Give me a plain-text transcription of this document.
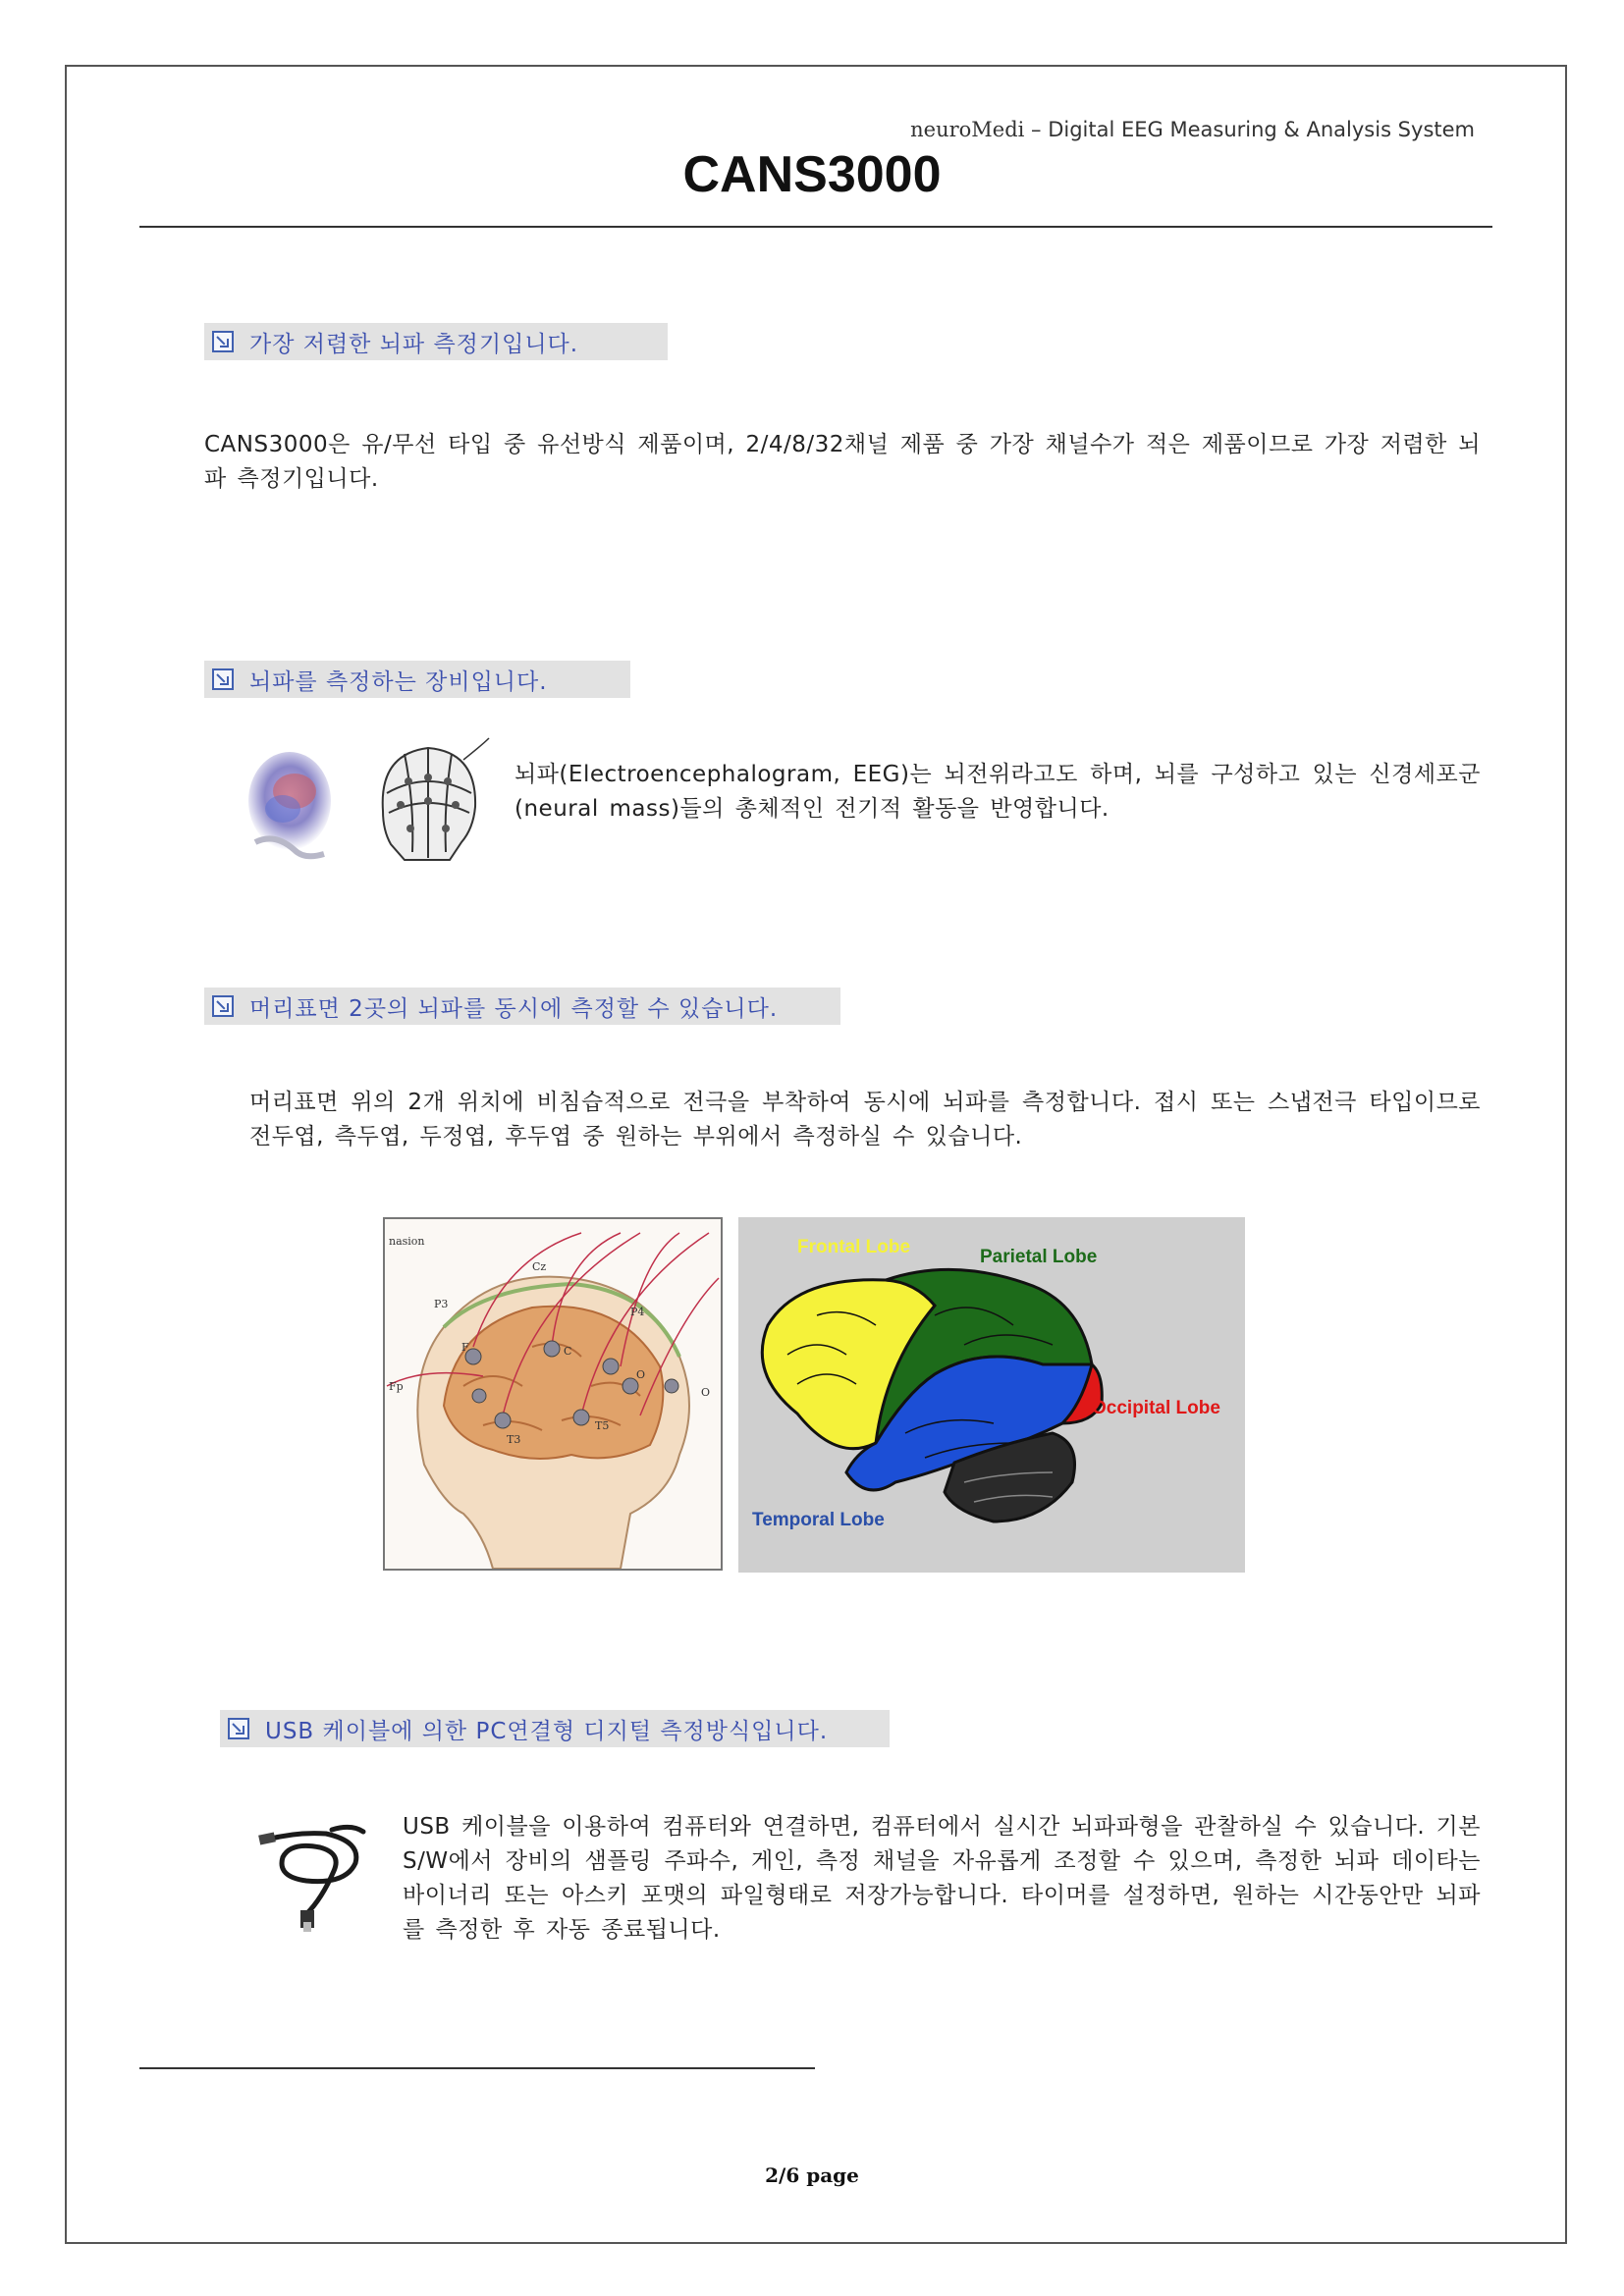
neuroMedi – Digital EEG Measuring & Analysis System
CANS3000
가장 저렴한 뇌파 측정기입니다.
CANS3000은 유/무선 타입 중 유선방식 제품이며, 2/4/8/32채널 제품 중 가장 채널수가 적은 제품이므로 가장 저렴한 뇌파 측정기입니다.
뇌파를 측정하는 장비입니다.
뇌파(Electroencephalogram, EEG)는 뇌전위라고도 하며, 뇌를 구성하고 있는 신경세포군(neural mass)들의 총체적인 전기적 활동을 반영합니다.
머리표면 2곳의 뇌파를 동시에 측정할 수 있습니다.
머리표면 위의 2개 위치에 비침습적으로 전극을 부착하여 동시에 뇌파를 측정합니다. 접시 또는 스냅전극 타입이므로 전두엽, 측두엽, 두정엽, 후두엽 중 원하는 부위에서 측정하실 수 있습니다.
nasion
Cz
P3
F	C
P4
O
T3
T5
Fp	O
Frontal Lobe	Parietal Lobe
Occipital Lobe
Temporal Lobe
USB 케이블에 의한 PC연결형 디지털 측정방식입니다.
USB 케이블을 이용하여 컴퓨터와 연결하면, 컴퓨터에서 실시간 뇌파파형을 관찰하실 수 있습니다. 기본 S/W에서 장비의 샘플링 주파수, 게인, 측정 채널을 자유롭게 조정할 수 있으며, 측정한 뇌파 데이타는 바이너리 또는 아스키 포맷의 파일형태로 저장가능합니다. 타이머를 설정하면, 원하는 시간동안만 뇌파를 측정한 후 자동 종료됩니다.
2/6 page
